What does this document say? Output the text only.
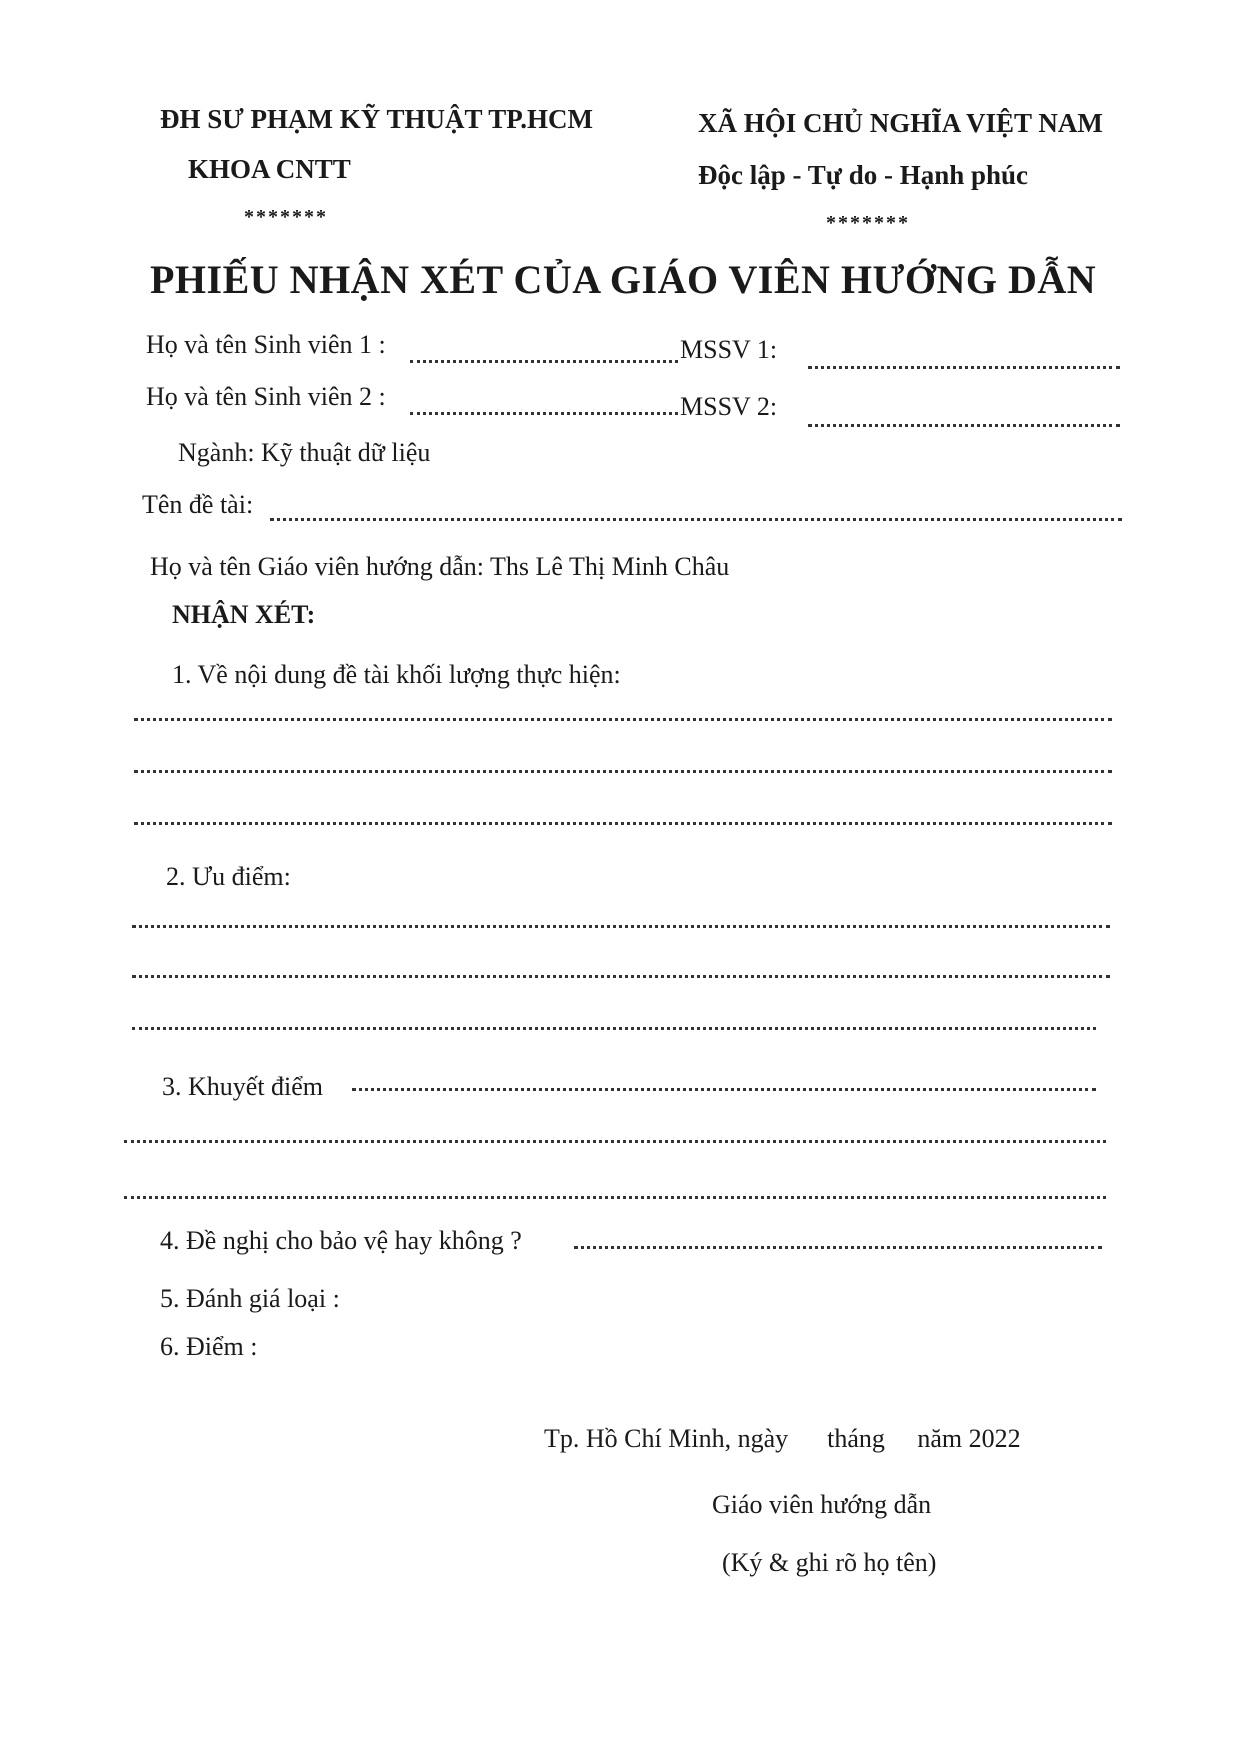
ĐH SƯ PHẠM KỸ THUẬT TP.HCM
KHOA CNTT
*******
XÃ HỘI CHỦ NGHĨA VIỆT NAM
Độc lập - Tự do - Hạnh phúc
*******
PHIẾU NHẬN XÉT CỦA GIÁO VIÊN HƯỚNG DẪN
Họ và tên Sinh viên 1 :	MSSV 1:
Họ và tên Sinh viên 2 :	MSSV 2:
Ngành: Kỹ thuật dữ liệu
Tên đề tài:
Họ và tên Giáo viên hướng dẫn: Ths Lê Thị Minh Châu
NHẬN XÉT:
1. Về nội dung đề tài khối lượng thực hiện:
2. Ưu điểm:
3. Khuyết điểm
4. Đề nghị cho bảo vệ hay không ?
5. Đánh giá loại :
6. Điểm :
Tp. Hồ Chí Minh, ngày      tháng     năm 2022
Giáo viên hướng dẫn
(Ký & ghi rõ họ tên)
